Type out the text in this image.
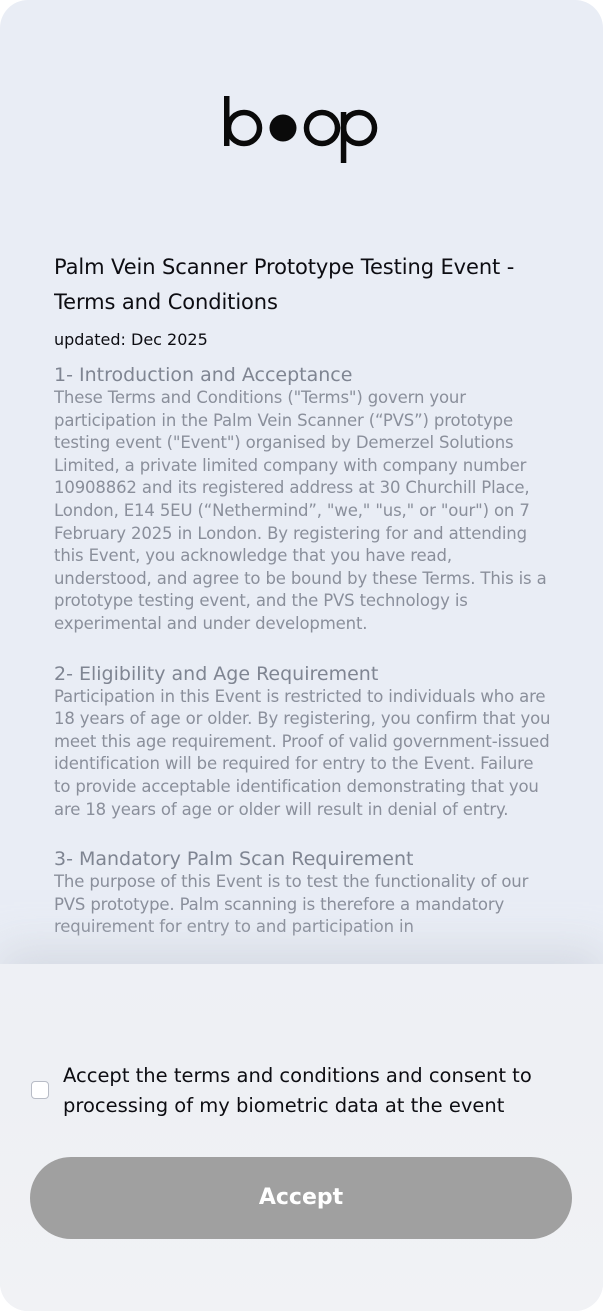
Palm Vein Scanner Prototype Testing Event - Terms and Conditions

updated: Dec 2025

1- Introduction and Acceptance

These Terms and Conditions ("Terms") govern your participation in the Palm Vein Scanner (“PVS”) prototype testing event ("Event") organised by Demerzel Solutions Limited, a private limited company with company number 10908862 and its registered address at 30 Churchill Place, London, E14 5EU (“Nethermind”, "we," "us," or "our") on 7 February 2025 in London. By registering for and attending this Event, you acknowledge that you have read, understood, and agree to be bound by these Terms. This is a prototype testing event, and the PVS technology is experimental and under development.

2- Eligibility and Age Requirement

Participation in this Event is restricted to individuals who are 18 years of age or older. By registering, you confirm that you meet this age requirement. Proof of valid government-issued identification will be required for entry to the Event. Failure to provide acceptable identification demonstrating that you are 18 years of age or older will result in denial of entry.

3- Mandatory Palm Scan Requirement

The purpose of this Event is to test the functionality of our PVS prototype. Palm scanning is therefore a mandatory requirement for entry to and participation in

Accept the terms and conditions and consent to processing of my biometric data at the event
Accept
